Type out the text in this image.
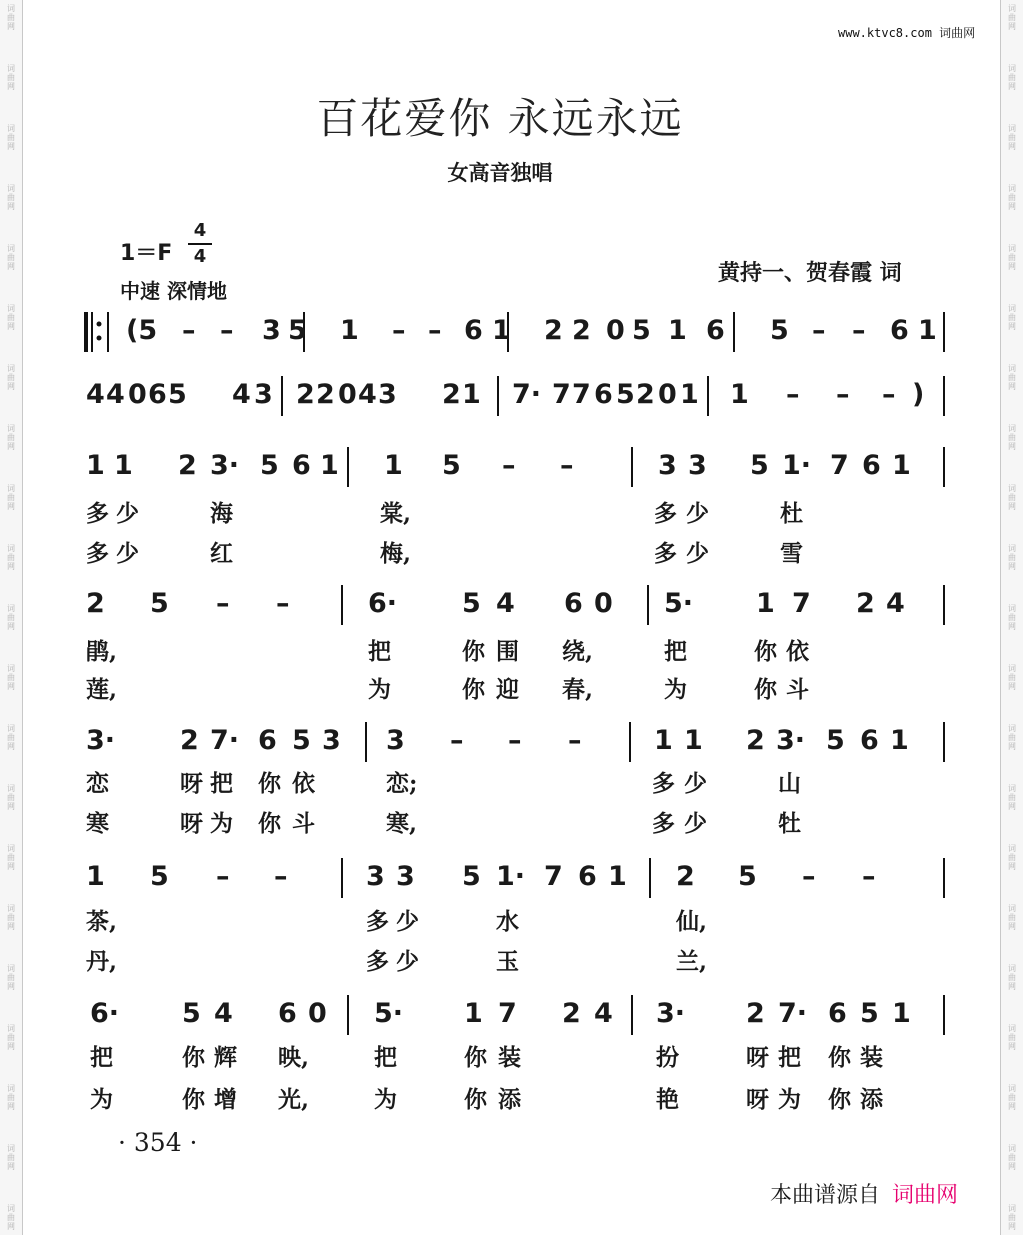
词曲网
词曲网
词曲网
词曲网
词曲网
词曲网
词曲网
词曲网
词曲网
词曲网
词曲网
词曲网
词曲网
词曲网
词曲网
词曲网
词曲网
词曲网
词曲网
词曲网
词曲网
词曲网
词曲网
词曲网
词曲网
词曲网
词曲网
词曲网
词曲网
词曲网
词曲网
词曲网
词曲网
词曲网
词曲网
词曲网
词曲网
词曲网
词曲网
词曲网
词曲网
词曲网
www.ktvc8.com 词曲网
百花爱你 永远永远
女高音独唱
1＝F
4
4
中速 深情地
黄持一、贺春霞 词
(5 – – 3 5 1 – – 6 1 2 2 0 5 1 6 5 – – 6 1
4 4 0 6 5 4 3 2 2 0 4 3 2 1 7· 7 7 6 5 2 0 1 1 – – – )
1 1 2 3· 5 6 1 1 5 – –	3 3 5 1· 7 6 1
2 5 – –	6· 5 4 6 0 5· 1 7 2 4
3· 2 7· 6 5 3 3 – – –	1 1 2 3· 5 6 1
1 5 – –	3 3 5 1· 7 6 1 2 5 – –
6· 5 4 6 0 5· 1 7 2 4 3· 2 7· 6 5 1
多 少	海	棠,	多 少	杜
多 少	红	梅,	多 少	雪
鹃,	把	你 围 绕,	把	你 依
莲,	为	你 迎 春,	为	你 斗
恋	呀 把 你 依	恋;	多 少	山
寒	呀 为 你 斗	寒,	多 少	牡
茶,	多 少	水	仙,
丹,	多 少	玉	兰,
把	你 辉 映,	把	你 装	扮	呀 把 你 装
为	你 增 光,	为	你 添	艳	呀 为 你 添
· 354 ·
本曲谱源自 词曲网
